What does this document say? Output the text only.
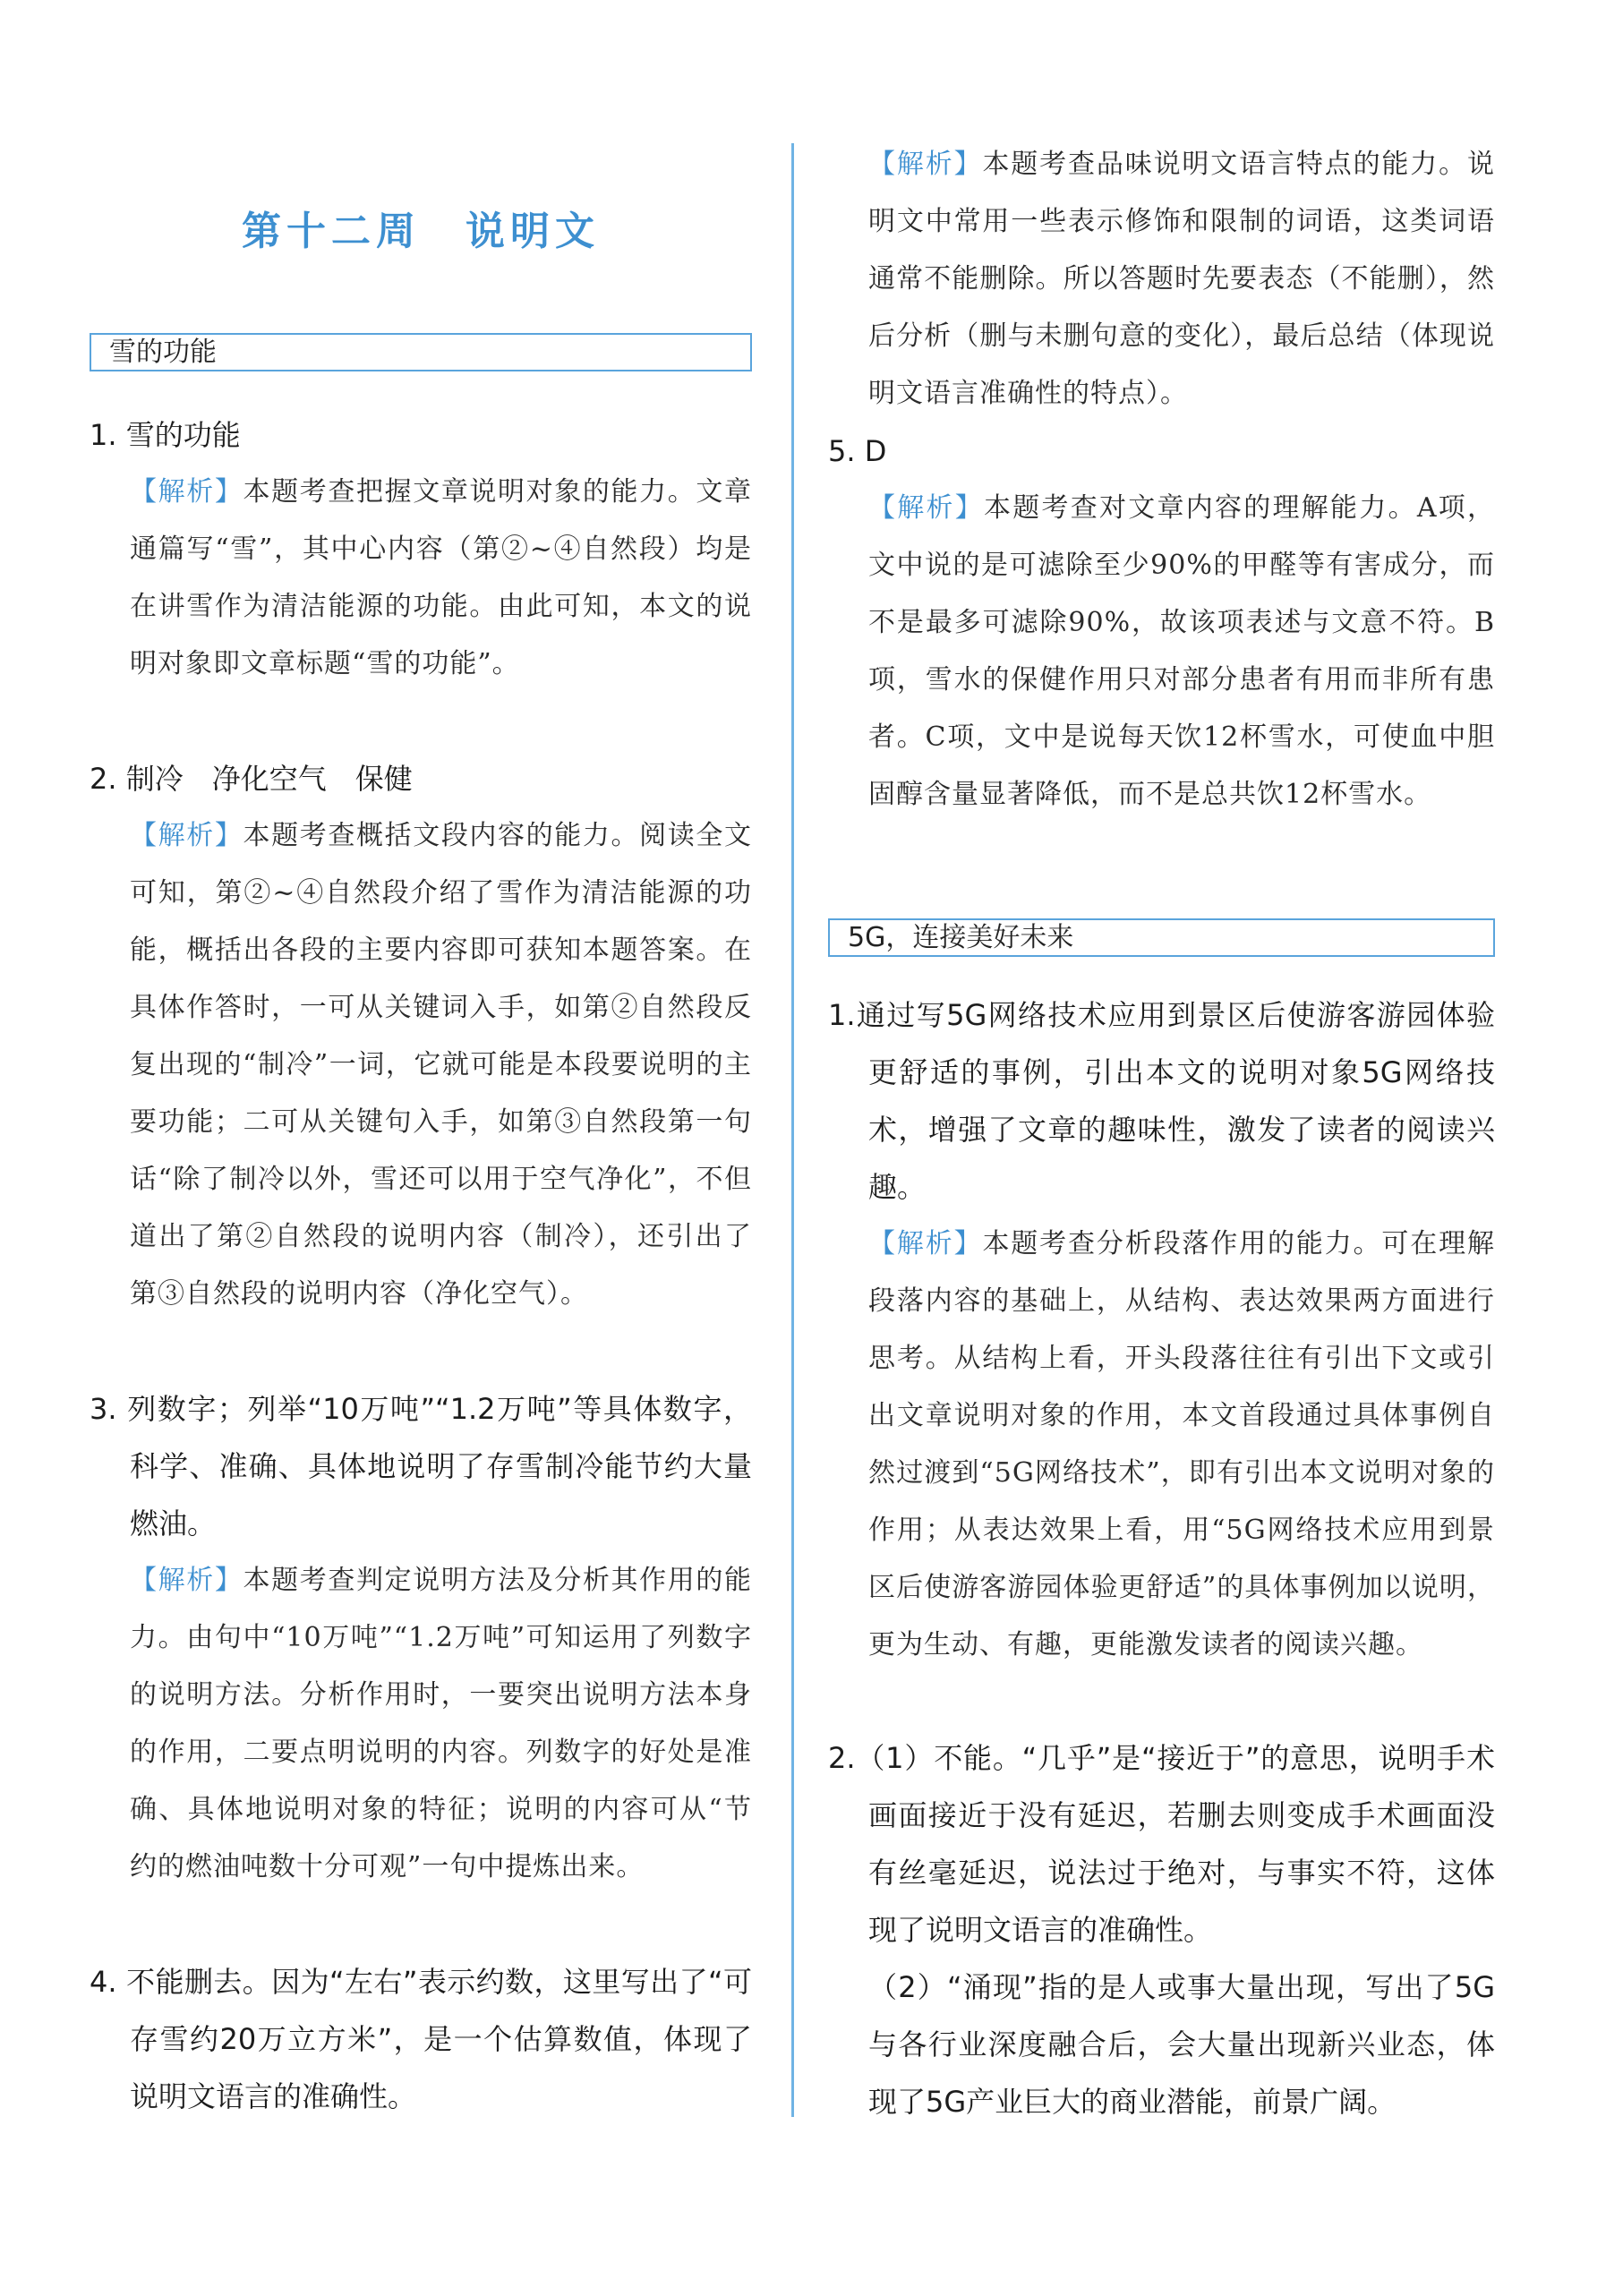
第十二周　说明文
雪的功能

1. 雪的功能

【解析】本题考查把握文章说明对象的能力。文章通篇写“雪”，其中心内容（第②~④自然段）均是在讲雪作为清洁能源的功能。由此可知，本文的说明对象即文章标题“雪的功能”。

2. 制冷　净化空气　保健

【解析】本题考查概括文段内容的能力。阅读全文可知，第②~④自然段介绍了雪作为清洁能源的功能，概括出各段的主要内容即可获知本题答案。在具体作答时，一可从关键词入手，如第②自然段反复出现的“制冷”一词，它就可能是本段要说明的主要功能；二可从关键句入手，如第③自然段第一句话“除了制冷以外，雪还可以用于空气净化”，不但道出了第②自然段的说明内容（制冷），还引出了第③自然段的说明内容（净化空气）。

3. 列数字；列举“10万吨”“1.2万吨”等具体数字，科学、准确、具体地说明了存雪制冷能节约大量燃油。

【解析】本题考查判定说明方法及分析其作用的能力。由句中“10万吨”“1.2万吨”可知运用了列数字的说明方法。分析作用时，一要突出说明方法本身的作用，二要点明说明的内容。列数字的好处是准确、具体地说明对象的特征；说明的内容可从“节约的燃油吨数十分可观”一句中提炼出来。

4. 不能删去。因为“左右”表示约数，这里写出了“可存雪约20万立方米”，是一个估算数值，体现了说明文语言的准确性。

【解析】本题考查品味说明文语言特点的能力。说明文中常用一些表示修饰和限制的词语，这类词语通常不能删除。所以答题时先要表态（不能删），然后分析（删与未删句意的变化），最后总结（体现说明文语言准确性的特点）。

5. D

【解析】本题考查对文章内容的理解能力。A项，文中说的是可滤除至少90%的甲醛等有害成分，而不是最多可滤除90%，故该项表述与文意不符。B项，雪水的保健作用只对部分患者有用而非所有患者。C项，文中是说每天饮12杯雪水，可使血中胆固醇含量显著降低，而不是总共饮12杯雪水。

5G，连接美好未来

1.通过写5G网络技术应用到景区后使游客游园体验更舒适的事例，引出本文的说明对象5G网络技术，增强了文章的趣味性，激发了读者的阅读兴趣。

【解析】本题考查分析段落作用的能力。可在理解段落内容的基础上，从结构、表达效果两方面进行思考。从结构上看，开头段落往往有引出下文或引出文章说明对象的作用，本文首段通过具体事例自然过渡到“5G网络技术”，即有引出本文说明对象的作用；从表达效果上看，用“5G网络技术应用到景区后使游客游园体验更舒适”的具体事例加以说明，更为生动、有趣，更能激发读者的阅读兴趣。

2.（1）不能。“几乎”是“接近于”的意思，说明手术画面接近于没有延迟，若删去则变成手术画面没有丝毫延迟，说法过于绝对，与事实不符，这体现了说明文语言的准确性。

（2）“涌现”指的是人或事大量出现，写出了5G与各行业深度融合后，会大量出现新兴业态，体现了5G产业巨大的商业潜能，前景广阔。
